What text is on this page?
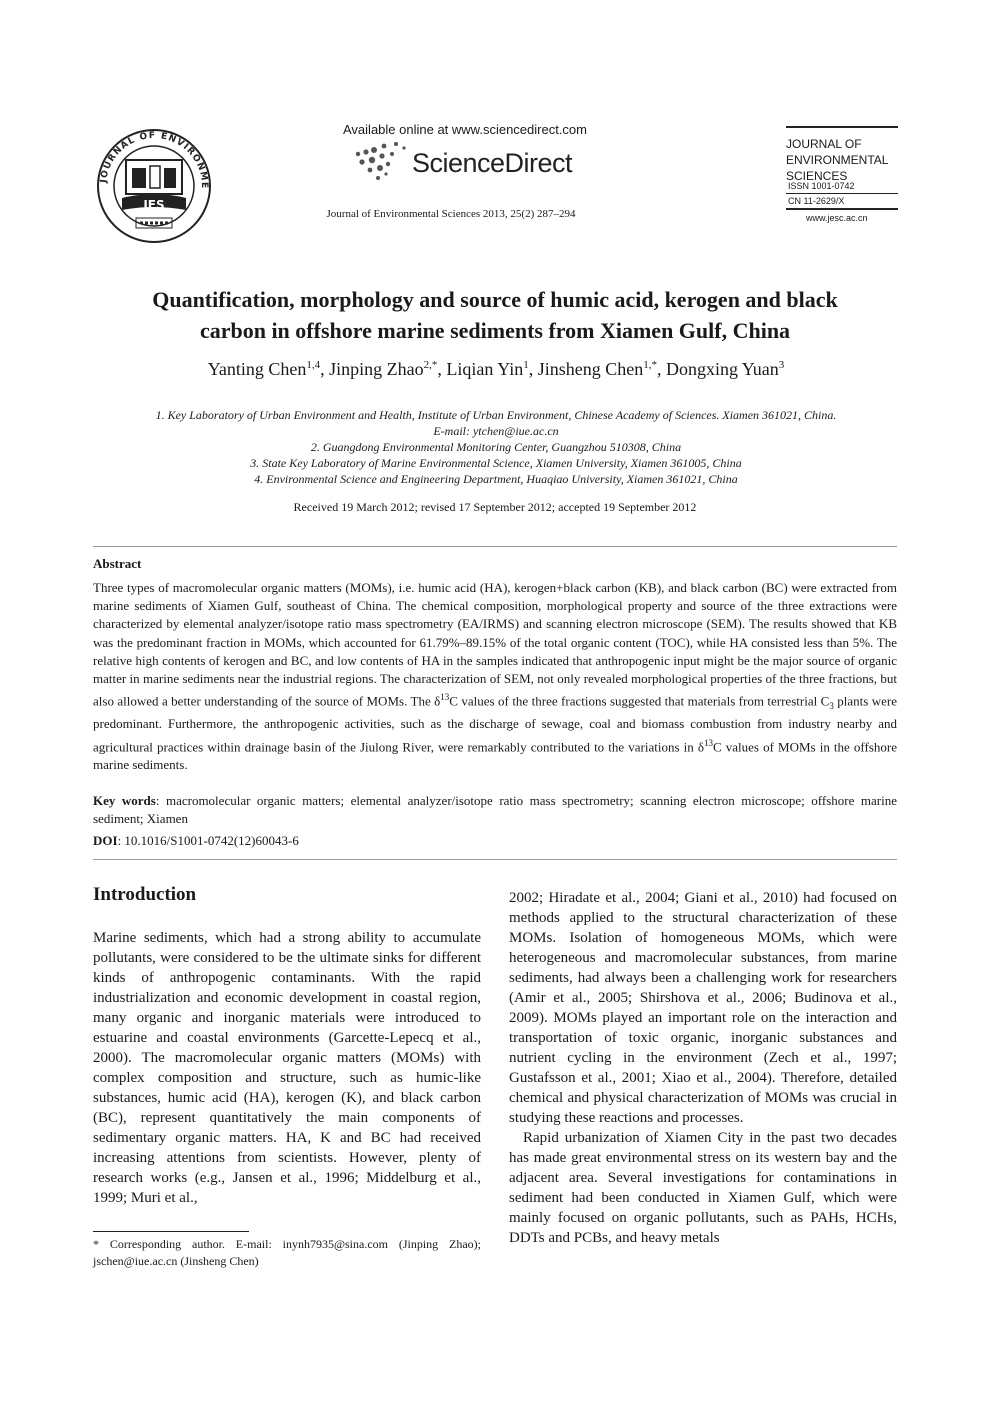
JOURNAL OF ENVIRONME
JES
Available online at www.sciencedirect.com
ScienceDirect
Journal of Environmental Sciences 2013, 25(2) 287–294
JOURNAL OF
ENVIRONMENTAL
SCIENCES
ISSN 1001-0742
CN 11-2629/X
www.jesc.ac.cn
Quantification, morphology and source of humic acid, kerogen and black
carbon in offshore marine sediments from Xiamen Gulf, China
Yanting Chen$^{1,4}$, Jinping Zhao$^{2,*}$, Liqian Yin$^1$, Jinsheng Chen$^{1,*}$, Dongxing Yuan$^3$
1. Key Laboratory of Urban Environment and Health, Institute of Urban Environment, Chinese Academy of Sciences. Xiamen 361021, China.
E-mail: ytchen@iue.ac.cn
2. Guangdong Environmental Monitoring Center, Guangzhou 510308, China
3. State Key Laboratory of Marine Environmental Science, Xiamen University, Xiamen 361005, China
4. Environmental Science and Engineering Department, Huaqiao University, Xiamen 361021, China
Received 19 March 2012; revised 17 September 2012; accepted 19 September 2012
Abstract
Three types of macromolecular organic matters (MOMs), i.e. humic acid (HA), kerogen+black carbon (KB), and black carbon (BC) were extracted from marine sediments of Xiamen Gulf, southeast of China. The chemical composition, morphological property and source of the three extractions were characterized by elemental analyzer/isotope ratio mass spectrometry (EA/IRMS) and scanning electron microscope (SEM). The results showed that KB was the predominant fraction in MOMs, which accounted for 61.79%–89.15% of the total organic content (TOC), while HA consisted less than 5%. The relative high contents of kerogen and BC, and low contents of HA in the samples indicated that anthropogenic input might be the major source of organic matter in marine sediments near the industrial regions. The characterization of SEM, not only revealed morphological properties of the three fractions, but also allowed a better understanding of the source of MOMs. The $\delta^{13}C$ values of the three fractions suggested that materials from terrestrial $C_3$ plants were predominant. Furthermore, the anthropogenic activities, such as the discharge of sewage, coal and biomass combustion from industry nearby and agricultural practices within drainage basin of the Jiulong River, were remarkably contributed to the variations in $\delta^{13}C$ values of MOMs in the offshore marine sediments.
Key words: macromolecular organic matters; elemental analyzer/isotope ratio mass spectrometry; scanning electron microscope; offshore marine sediment; Xiamen
DOI: 10.1016/S1001-0742(12)60043-6
Introduction
Marine sediments, which had a strong ability to accumulate pollutants, were considered to be the ultimate sinks for different kinds of anthropogenic contaminants. With the rapid industrialization and economic development in coastal region, many organic and inorganic materials were introduced to estuarine and coastal environments (Garcette-Lepecq et al., 2000). The macromolecular organic matters (MOMs) with complex composition and structure, such as humic-like substances, humic acid (HA), kerogen (K), and black carbon (BC), represent quantitatively the main components of sedimentary organic matters. HA, K and BC had received increasing attentions from scientists. However, plenty of research works (e.g., Jansen et al., 1996; Middelburg et al., 1999; Muri et al.,
2002; Hiradate et al., 2004; Giani et al., 2010) had focused on methods applied to the structural characterization of these MOMs. Isolation of homogeneous MOMs, which were heterogeneous and macromolecular substances, from marine sediments, had always been a challenging work for researchers (Amir et al., 2005; Shirshova et al., 2006; Budinova et al., 2009). MOMs played an important role on the interaction and transportation of toxic organic, inorganic substances and nutrient cycling in the environment (Zech et al., 1997; Gustafsson et al., 2001; Xiao et al., 2004). Therefore, detailed chemical and physical characterization of MOMs was crucial in studying these reactions and processes.
Rapid urbanization of Xiamen City in the past two decades has made great environmental stress on its western bay and the adjacent area. Several investigations for contaminations in sediment had been conducted in Xiamen Gulf, which were mainly focused on organic pollutants, such as PAHs, HCHs, DDTs and PCBs, and heavy metals
* Corresponding author. E-mail: inynh7935@sina.com (Jinping Zhao); jschen@iue.ac.cn (Jinsheng Chen)
